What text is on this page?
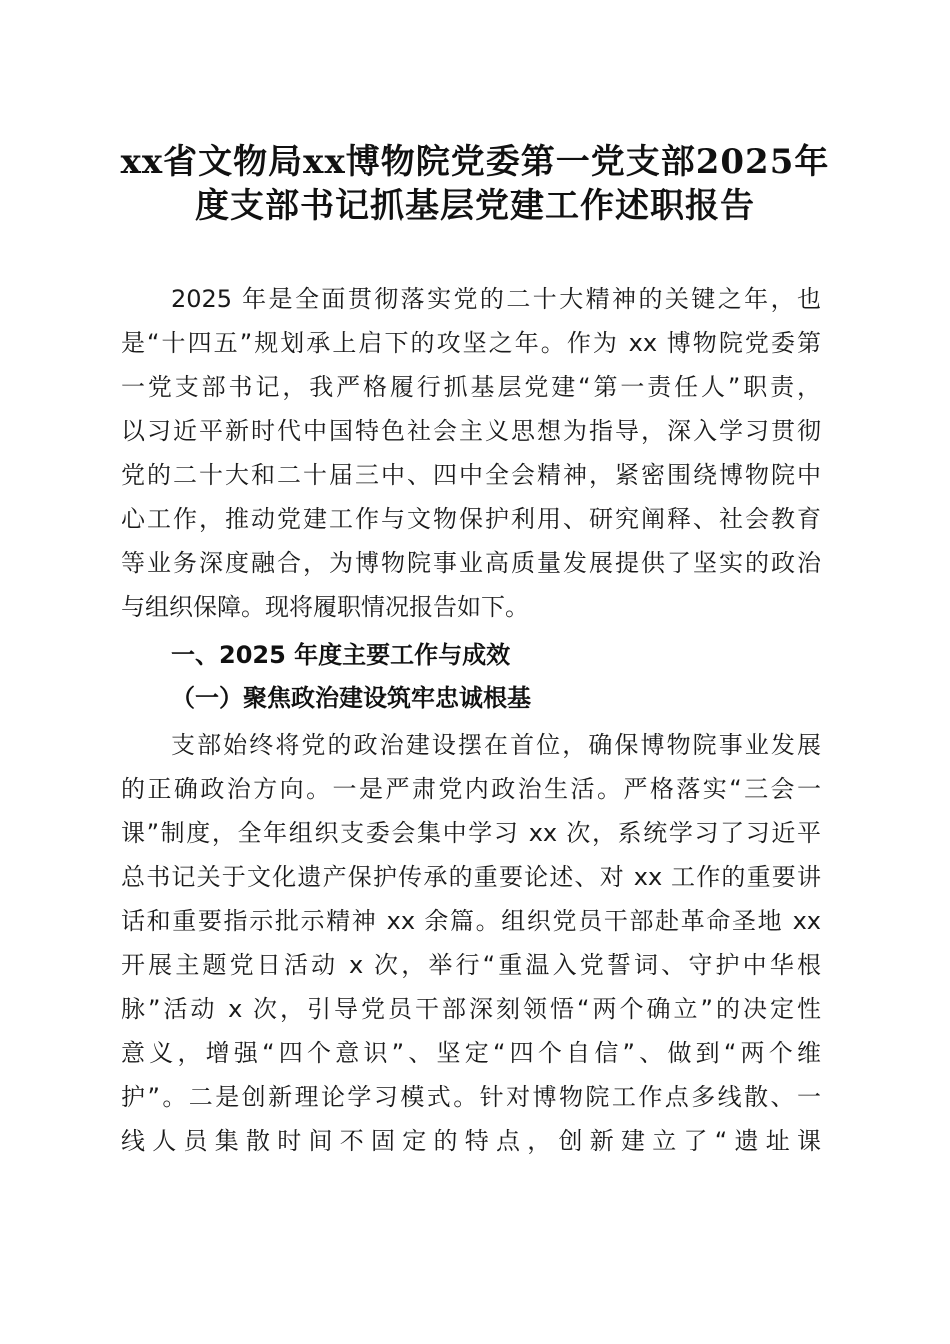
xx省文物局xx博物院党委第一党支部2025年
度支部书记抓基层党建工作述职报告
2025 年是全面贯彻落实党的二十大精神的关键之年，也
是“十四五”规划承上启下的攻坚之年。作为 xx 博物院党委第
一党支部书记，我严格履行抓基层党建“第一责任人”职责，
以习近平新时代中国特色社会主义思想为指导，深入学习贯彻
党的二十大和二十届三中、四中全会精神，紧密围绕博物院中
心工作，推动党建工作与文物保护利用、研究阐释、社会教育
等业务深度融合，为博物院事业高质量发展提供了坚实的政治
与组织保障。现将履职情况报告如下。
一、2025 年度主要工作与成效
（一）聚焦政治建设筑牢忠诚根基
支部始终将党的政治建设摆在首位，确保博物院事业发展
的正确政治方向。一是严肃党内政治生活。严格落实“三会一
课”制度，全年组织支委会集中学习 xx 次，系统学习了习近平
总书记关于文化遗产保护传承的重要论述、对 xx 工作的重要讲
话和重要指示批示精神 xx 余篇。组织党员干部赴革命圣地 xx
开展主题党日活动 x 次，举行“重温入党誓词、守护中华根
脉”活动 x 次，引导党员干部深刻领悟“两个确立”的决定性
意义，增强“四个意识”、坚定“四个自信”、做到“两个维
护”。二是创新理论学习模式。针对博物院工作点多线散、一
线人员集散时间不固定的特点，创新建立了“遗址课
